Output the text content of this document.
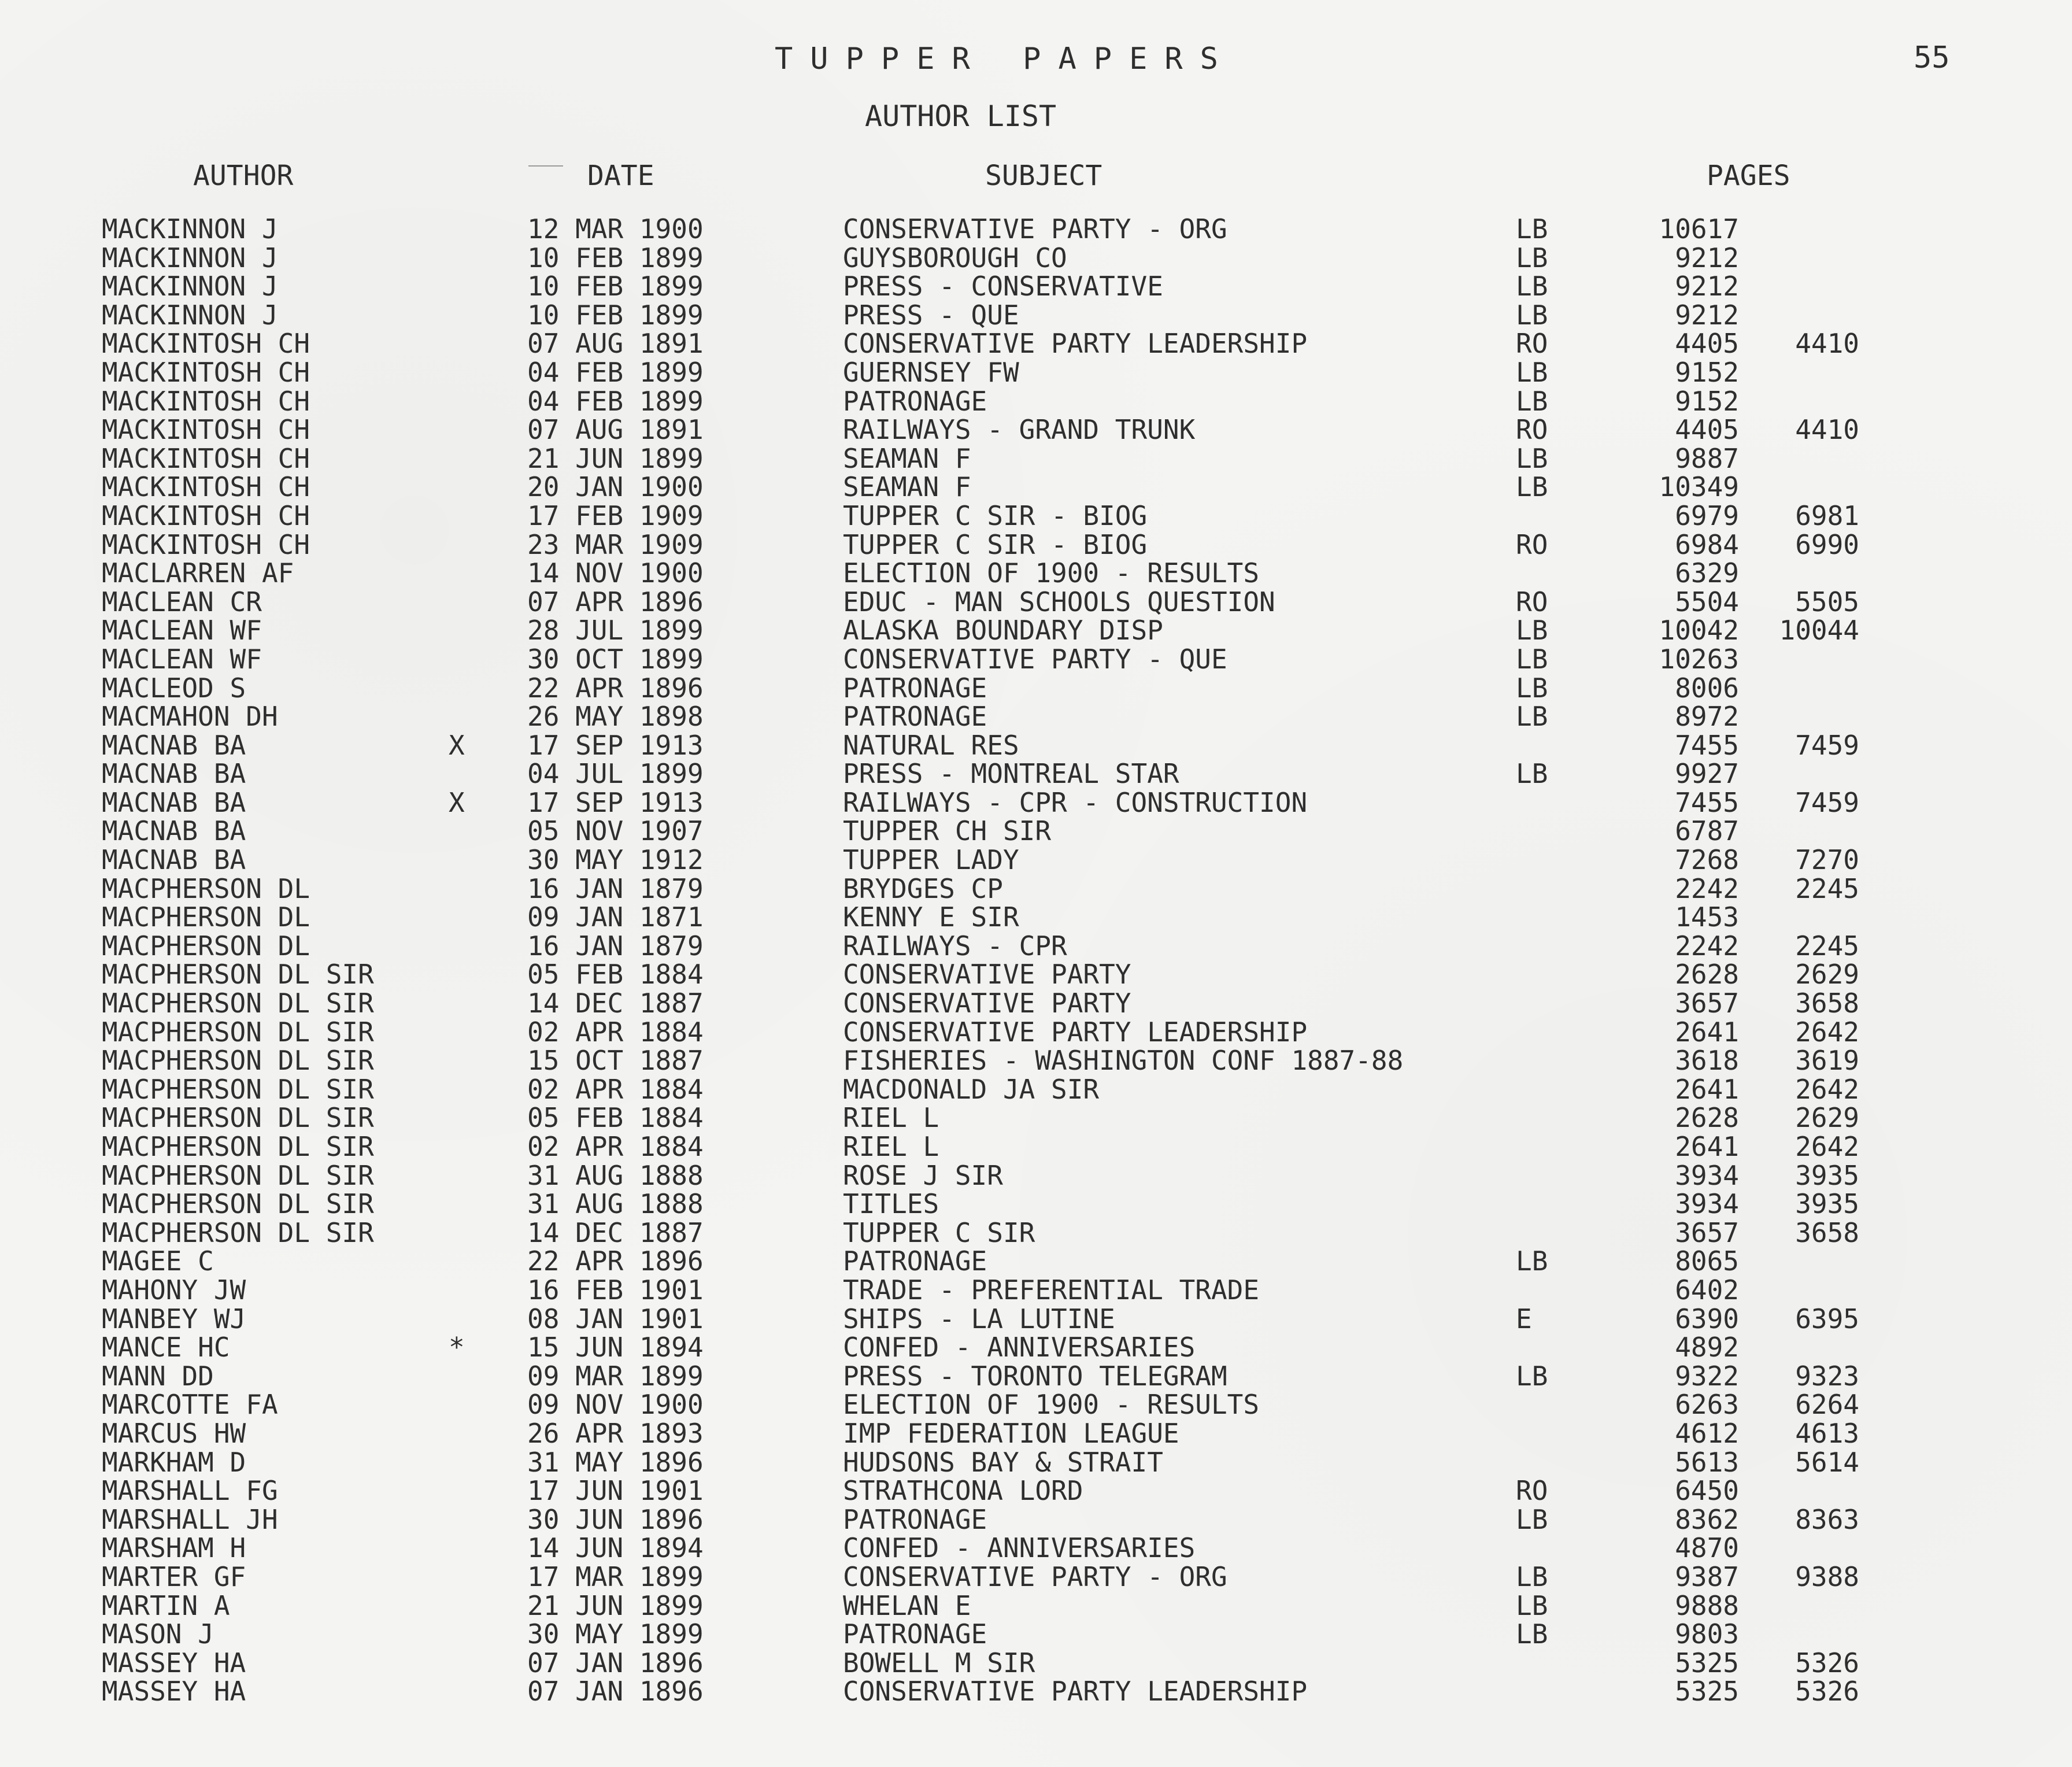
TUPPER PAPERS	55
AUTHOR LIST
AUTHOR	DATE	SUBJECT	PAGES
MACKINNON J	12 MAR 1900	CONSERVATIVE PARTY - ORG	LB	10617
MACKINNON J	10 FEB 1899	GUYSBOROUGH CO	LB	9212
MACKINNON J	10 FEB 1899	PRESS - CONSERVATIVE	LB	9212
MACKINNON J	10 FEB 1899	PRESS - QUE	LB	9212
MACKINTOSH CH	07 AUG 1891	CONSERVATIVE PARTY LEADERSHIP	RO	4405	4410
MACKINTOSH CH	04 FEB 1899	GUERNSEY FW	LB	9152
MACKINTOSH CH	04 FEB 1899	PATRONAGE	LB	9152
MACKINTOSH CH	07 AUG 1891	RAILWAYS - GRAND TRUNK	RO	4405	4410
MACKINTOSH CH	21 JUN 1899	SEAMAN F	LB	9887
MACKINTOSH CH	20 JAN 1900	SEAMAN F	LB	10349
MACKINTOSH CH	17 FEB 1909	TUPPER C SIR - BIOG	6979	6981
MACKINTOSH CH	23 MAR 1909	TUPPER C SIR - BIOG	RO	6984	6990
MACLARREN AF	14 NOV 1900	ELECTION OF 1900 - RESULTS	6329
MACLEAN CR	07 APR 1896	EDUC - MAN SCHOOLS QUESTION	RO	5504	5505
MACLEAN WF	28 JUL 1899	ALASKA BOUNDARY DISP	LB	10042	10044
MACLEAN WF	30 OCT 1899	CONSERVATIVE PARTY - QUE	LB	10263
MACLEOD S	22 APR 1896	PATRONAGE	LB	8006
MACMAHON DH	26 MAY 1898	PATRONAGE	LB	8972
MACNAB BA	X 17 SEP 1913	NATURAL RES	7455	7459
MACNAB BA	04 JUL 1899	PRESS - MONTREAL STAR	LB	9927
MACNAB BA	X 17 SEP 1913	RAILWAYS - CPR - CONSTRUCTION	7455	7459
MACNAB BA	05 NOV 1907	TUPPER CH SIR	6787
MACNAB BA	30 MAY 1912	TUPPER LADY	7268	7270
MACPHERSON DL	16 JAN 1879	BRYDGES CP	2242	2245
MACPHERSON DL	09 JAN 1871	KENNY E SIR	1453
MACPHERSON DL	16 JAN 1879	RAILWAYS - CPR	2242	2245
MACPHERSON DL SIR	05 FEB 1884	CONSERVATIVE PARTY	2628	2629
MACPHERSON DL SIR	14 DEC 1887	CONSERVATIVE PARTY	3657	3658
MACPHERSON DL SIR	02 APR 1884	CONSERVATIVE PARTY LEADERSHIP	2641	2642
MACPHERSON DL SIR	15 OCT 1887	FISHERIES - WASHINGTON CONF 1887-88	3618	3619
MACPHERSON DL SIR	02 APR 1884	MACDONALD JA SIR	2641	2642
MACPHERSON DL SIR	05 FEB 1884	RIEL L	2628	2629
MACPHERSON DL SIR	02 APR 1884	RIEL L	2641	2642
MACPHERSON DL SIR	31 AUG 1888	ROSE J SIR	3934	3935
MACPHERSON DL SIR	31 AUG 1888	TITLES	3934	3935
MACPHERSON DL SIR	14 DEC 1887	TUPPER C SIR	3657	3658
MAGEE C	22 APR 1896	PATRONAGE	LB	8065
MAHONY JW	16 FEB 1901	TRADE - PREFERENTIAL TRADE	6402
MANBEY WJ	08 JAN 1901	SHIPS - LA LUTINE	E	6390	6395
MANCE HC	* 15 JUN 1894	CONFED - ANNIVERSARIES	4892
MANN DD	09 MAR 1899	PRESS - TORONTO TELEGRAM	LB	9322	9323
MARCOTTE FA	09 NOV 1900	ELECTION OF 1900 - RESULTS	6263	6264
MARCUS HW	26 APR 1893	IMP FEDERATION LEAGUE	4612	4613
MARKHAM D	31 MAY 1896	HUDSONS BAY & STRAIT	5613	5614
MARSHALL FG	17 JUN 1901	STRATHCONA LORD	RO	6450
MARSHALL JH	30 JUN 1896	PATRONAGE	LB	8362	8363
MARSHAM H	14 JUN 1894	CONFED - ANNIVERSARIES	4870
MARTER GF	17 MAR 1899	CONSERVATIVE PARTY - ORG	LB	9387	9388
MARTIN A	21 JUN 1899	WHELAN E	LB	9888
MASON J	30 MAY 1899	PATRONAGE	LB	9803
MASSEY HA	07 JAN 1896	BOWELL M SIR	5325	5326
MASSEY HA	07 JAN 1896	CONSERVATIVE PARTY LEADERSHIP	5325	5326
